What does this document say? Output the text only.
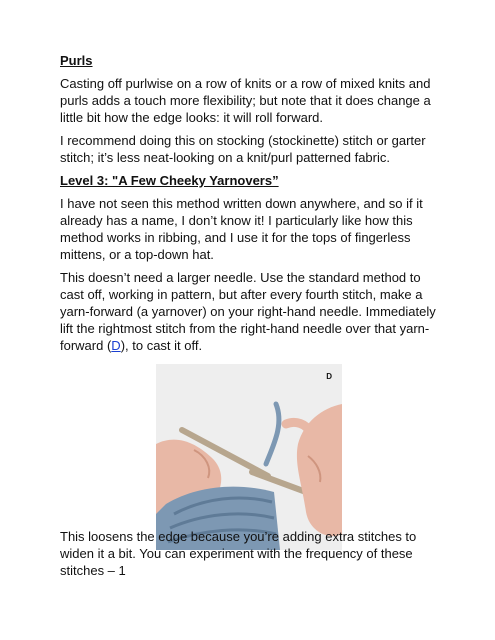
Purls

Casting off purlwise on a row of knits or a row of mixed knits and purls adds a touch more flexibility; but note that it does change a little bit how the edge looks: it will roll forward.

I recommend doing this on stocking (stockinette) stitch or garter stitch; it’s less neat-looking on a knit/purl patterned fabric.

Level 3: "A Few Cheeky Yarnovers”

I have not seen this method written down anywhere, and so if it already has a name, I don’t know it! I particularly like how this method works in ribbing, and I use it for the tops of fingerless mittens, or a top-down hat.

This doesn’t need a larger needle. Use the standard method to cast off, working in pattern, but after every fourth stitch, make a yarn-forward (a yarnover) on your right-hand needle. Immediately lift the rightmost stitch from the right-hand needle over that yarn-forward (D), to cast it off.

D

This loosens the edge because you’re adding extra stitches to widen it a bit. You can experiment with the frequency of these stitches – 1
